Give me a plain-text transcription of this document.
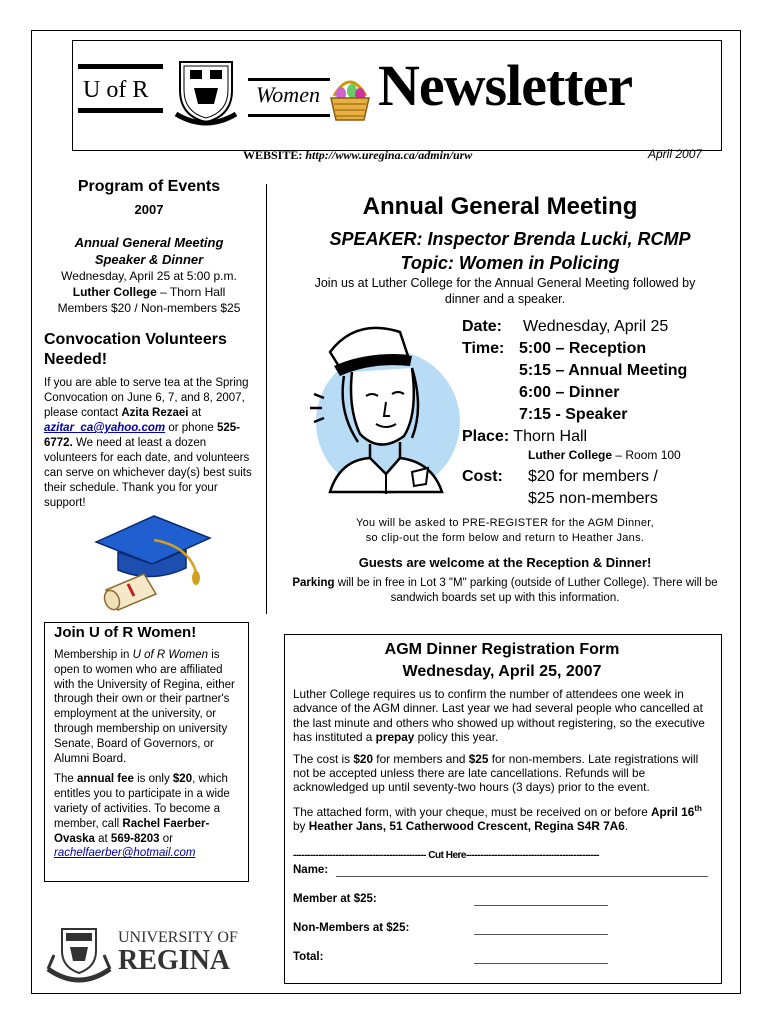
U of R	Women Newsletter
WEBSITE: http://www.uregina.ca/admin/urw	April 2007
Program of Events
2007
Annual General Meeting
Speaker & Dinner
Wednesday, April 25 at 5:00 p.m.
Luther College – Thorn Hall
Members $20 / Non-members $25
Convocation Volunteers Needed!
If you are able to serve tea at the Spring Convocation on June 6, 7, and 8, 2007, please contact Azita Rezaei at azitar_ca@yahoo.com or phone 525-6772. We need at least a dozen volunteers for each date, and volunteers can serve on whichever day(s) best suits their schedule. Thank you for your support!
Join U of R Women!

Membership in U of R Women is open to women who are affiliated with the University of Regina, either through their own or their partner's employment at the university, or through membership on university Senate, Board of Governors, or Alumni Board.

The annual fee is only $20, which entitles you to participate in a wide variety of activities. To become a member, call Rachel Faerber-Ovaska at 569-8203 or rachelfaerber@hotmail.com

UNIVERSITY OF
REGINA
Annual General Meeting
SPEAKER: Inspector Brenda Lucki, RCMP
Topic: Women in Policing
Join us at Luther College for the Annual General Meeting followed by dinner and a speaker.
Date: Wednesday, April 25
Time: 5:00 – Reception
5:15 – Annual Meeting
6:00 – Dinner
7:15 - Speaker
Place: Thorn Hall
Luther College – Room 100
Cost:	$20 for members /
$25 non-members
You will be asked to PRE-REGISTER for the AGM Dinner,
so clip-out the form below and return to Heather Jans.
Guests are welcome at the Reception & Dinner!
Parking will be in free in Lot 3 "M" parking (outside of Luther College). There will be sandwich boards set up with this information.
AGM Dinner Registration Form
Wednesday, April 25, 2007

Luther College requires us to confirm the number of attendees one week in advance of the AGM dinner. Last year we had several people who cancelled at the last minute and others who showed up without registering, so the executive has instituted a prepay policy this year.

The cost is $20 for members and $25 for non-members. Late registrations will not be accepted unless there are late cancellations. Refunds will be acknowledged up until seventy-two hours (3 days) prior to the event.

The attached form, with your cheque, must be received on or before April 16th by Heather Jans, 51 Catherwood Crescent, Regina S4R 7A6.

----------------------------------------------- Cut Here-----------------------------------------------
Name:
Member at $25:
Non-Members at $25:
Total:
